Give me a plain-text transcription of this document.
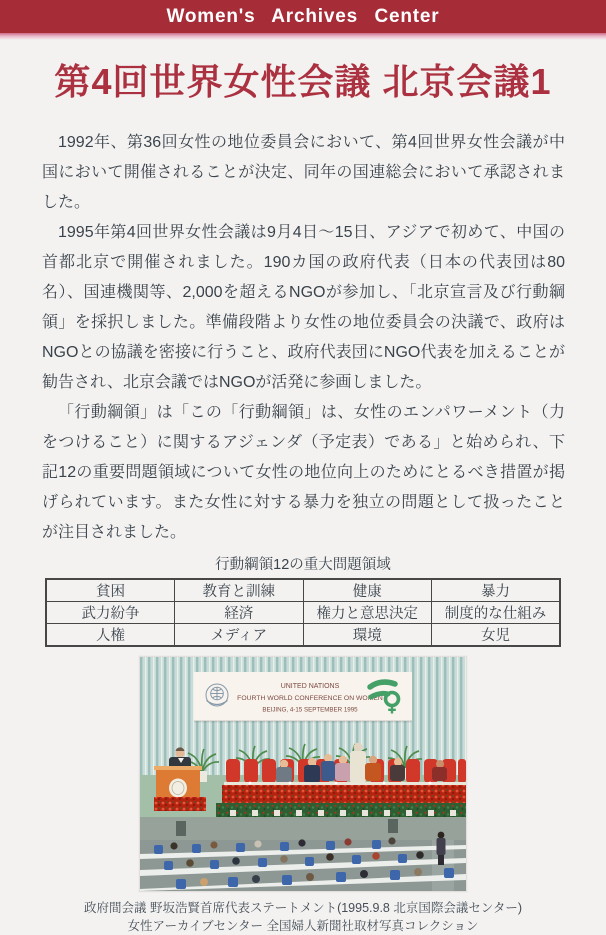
Women's Archives Center
第4回世界女性会議 北京会議1

1992年、第36回女性の地位委員会において、第4回世界女性会議が中国において開催されることが決定、同年の国連総会において承認されました。

1995年第4回世界女性会議は9月4日～15日、アジアで初めて、中国の首都北京で開催されました。190カ国の政府代表（日本の代表団は80名）、国連機関等、2,000を超えるNGOが参加し、「北京宣言及び行動綱領」を採択しました。準備段階より女性の地位委員会の決議で、政府はNGOとの協議を密接に行うこと、政府代表団にNGO代表を加えることが勧告され、北京会議ではNGOが活発に参画しました。

「行動綱領」は「この「行動綱領」は、女性のエンパワーメント（力をつけること）に関するアジェンダ（予定表）である」と始められ、下記12の重要問題領域について女性の地位向上のためにとるべき措置が掲げられています。また女性に対する暴力を独立の問題として扱ったことが注目されました。

行動綱領12の重大問題領域
貧困	教育と訓練	健康	暴力
武力紛争	経済	権力と意思決定	制度的な仕組み
人権	メディア	環境	女児
UNITED NATIONS
FOURTH WORLD CONFERENCE ON WOMEN
BEIJING, 4-15 SEPTEMBER 1995
政府間会議 野坂浩賢首席代表ステートメント(1995.9.8 北京国際会議センター)
女性アーカイブセンター 全国婦人新聞社取材写真コレクション
